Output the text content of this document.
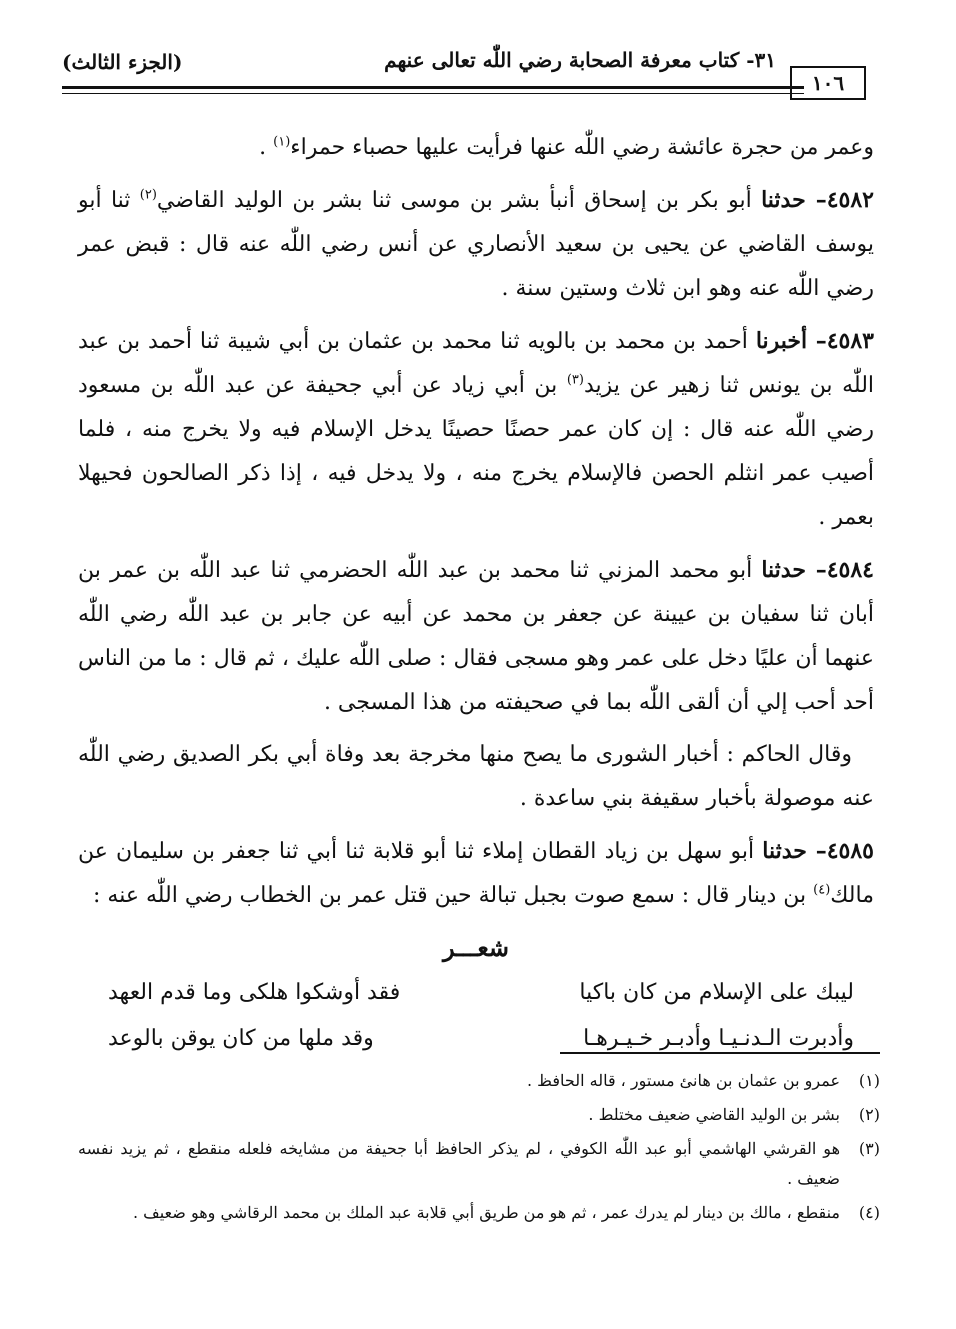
٣١- كتاب معرفة الصحابة رضي اللّٰه تعالى عنهم
(الجزء الثالث)
١٠٦
وعمر من حجرة عائشة رضي اللّٰه عنها فرأيت عليها حصباء حمراء$^{(١)}$ .
٤٥٨٢– حدثنا أبو بكر بن إسحاق أنبأ بشر بن موسى ثنا بشر بن الوليد القاضي$^{(٢)}$ ثنا أبو يوسف القاضي عن يحيى بن سعيد الأنصاري عن أنس رضي اللّٰه عنه قال : قبض عمر رضي اللّٰه عنه وهو ابن ثلاث وستين سنة .
٤٥٨٣– أخبرنا أحمد بن محمد بن بالويه ثنا محمد بن عثمان بن أبي شيبة ثنا أحمد بن عبد اللّٰه بن يونس ثنا زهير عن يزيد$^{(٣)}$ بن أبي زياد عن أبي جحيفة عن عبد اللّٰه بن مسعود رضي اللّٰه عنه قال : إن كان عمر حصنًا حصينًا يدخل الإسلام فيه ولا يخرج منه ، فلما أصيب عمر انثلم الحصن فالإسلام يخرج منه ، ولا يدخل فيه ، إذا ذكر الصالحون فحيهلا بعمر .
٤٥٨٤– حدثنا أبو محمد المزني ثنا محمد بن عبد اللّٰه الحضرمي ثنا عبد اللّٰه بن عمر بن أبان ثنا سفيان بن عيينة عن جعفر بن محمد عن أبيه عن جابر بن عبد اللّٰه رضي اللّٰه عنهما أن عليًا دخل على عمر وهو مسجى فقال : صلى اللّٰه عليك ، ثم قال : ما من الناس أحد أحب إلي أن ألقى اللّٰه بما في صحيفته من هذا المسجى .
وقال الحاكم : أخبار الشورى ما يصح منها مخرجة بعد وفاة أبي بكر الصديق رضي اللّٰه عنه موصولة بأخبار سقيفة بني ساعدة .
٤٥٨٥– حدثنا أبو سهل بن زياد القطان إملاء ثنا أبو قلابة ثنا أبي ثنا جعفر بن سليمان عن مالك$^{(٤)}$ بن دينار قال : سمع صوت بجبل تبالة حين قتل عمر بن الخطاب رضي اللّٰه عنه :
شعـــر
ليبك على الإسلام من كان باكيا
فقد أوشكوا هلكى وما قدم العهد
وأدبرت الـدنـيـا وأدبـر خـيـرهـا
وقد ملها من كان يوقن بالوعد
(١)
عمرو بن عثمان بن هانئ مستور ، قاله الحافظ .
(٢)
بشر بن الوليد القاضي ضعيف مختلط .
(٣)
هو القرشي الهاشمي أبو عبد اللّٰه الكوفي ، لم يذكر الحافظ أبا جحيفة من مشايخه فلعله منقطع ، ثم يزيد نفسه ضعيف .
(٤)
منقطع ، مالك بن دينار لم يدرك عمر ، ثم هو من طريق أبي قلابة عبد الملك بن محمد الرقاشي وهو ضعيف .
